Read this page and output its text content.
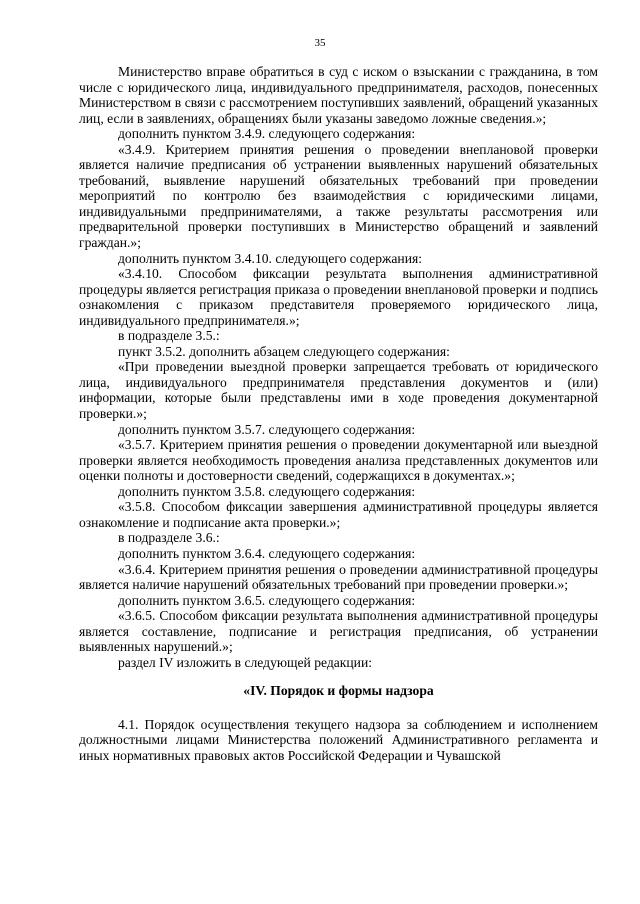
35

Министерство вправе обратиться в суд с иском о взыскании с гражданина, в том числе с юридического лица, индивидуального предпринимателя, расходов, понесенных Министерством в связи с рассмотрением поступивших заявлений, обращений указанных лиц, если в заявлениях, обращениях были указаны заведомо ложные сведения.»;

дополнить пунктом 3.4.9. следующего содержания:

«3.4.9. Критерием принятия решения о проведении внеплановой проверки является наличие предписания об устранении выявленных нарушений обязательных требований, выявление нарушений обязательных требований при проведении мероприятий по контролю без взаимодействия с юридическими лицами, индивидуальными предпринимателями, а также результаты рассмотрения или предварительной проверки поступивших в Министерство обращений и заявлений граждан.»;

дополнить пунктом 3.4.10. следующего содержания:

«3.4.10. Способом фиксации результата выполнения административной процедуры является регистрация приказа о проведении внеплановой проверки и подпись ознакомления с приказом представителя проверяемого юридического лица, индивидуального предпринимателя.»;

в подразделе 3.5.:

пункт 3.5.2. дополнить абзацем следующего содержания:

«При проведении выездной проверки запрещается требовать от юридического лица, индивидуального предпринимателя представления документов и (или) информации, которые были представлены ими в ходе проведения документарной проверки.»;

дополнить пунктом 3.5.7. следующего содержания:

«3.5.7. Критерием принятия решения о проведении документарной или выездной проверки является необходимость проведения анализа представленных документов или оценки полноты и достоверности сведений, содержащихся в документах.»;

дополнить пунктом 3.5.8. следующего содержания:

«3.5.8. Способом фиксации завершения административной процедуры является ознакомление и подписание акта проверки.»;

в подразделе 3.6.:

дополнить пунктом 3.6.4. следующего содержания:

«3.6.4. Критерием принятия решения о проведении административной процедуры является наличие нарушений обязательных требований при проведении проверки.»;

дополнить пунктом 3.6.5. следующего содержания:

«3.6.5. Способом фиксации результата выполнения административной процедуры является составление, подписание и регистрация предписания, об устранении выявленных нарушений.»;

раздел IV изложить в следующей редакции:

«IV. Порядок и формы надзора

4.1. Порядок осуществления текущего надзора за соблюдением и исполнением должностными лицами Министерства положений Административного регламента и иных нормативных правовых актов Российской Федерации и Чувашской
